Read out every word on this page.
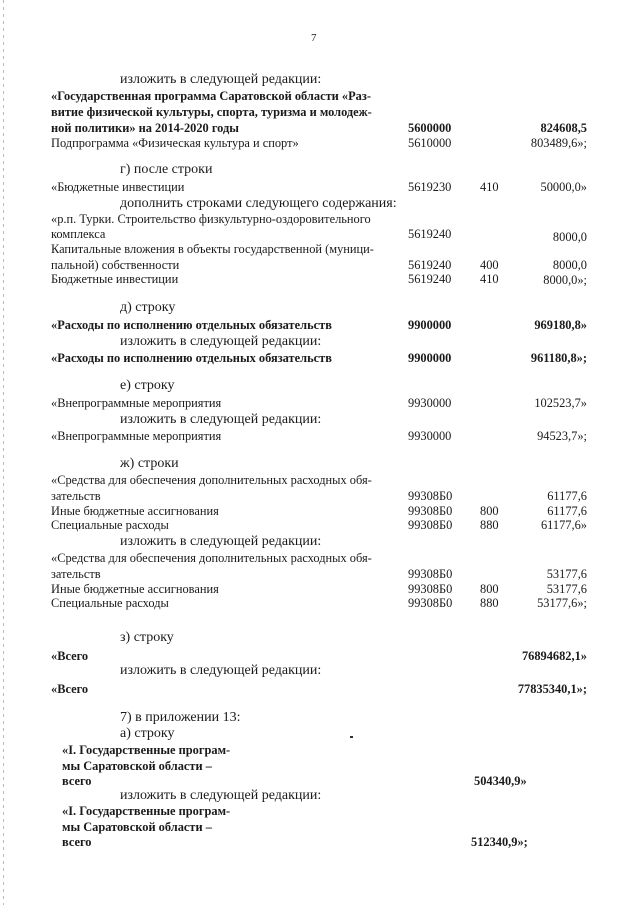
7
изложить в следующей редакции:
«Государственная программа Саратовской области «Раз-
витие физической культуры, спорта, туризма и молодеж-
ной политики» на 2014-2020 годы	5600000	824608,5
Подпрограмма «Физическая культура и спорт»	5610000	803489,6»;
г) после строки
«Бюджетные инвестиции	5619230 410	50000,0»
дополнить строками следующего содержания:
«р.п. Турки. Строительство физкультурно-оздоровительного
комплекса	5619240	8000,0
Капитальные вложения в объекты государственной (муници-
пальной) собственности	5619240 400	8000,0
Бюджетные инвестиции	5619240 410	8000,0»;
д) строку
«Расходы по исполнению отдельных обязательств	9900000	969180,8»
изложить в следующей редакции:
«Расходы по исполнению отдельных обязательств	9900000	961180,8»;
е) строку
«Внепрограммные мероприятия	9930000	102523,7»
изложить в следующей редакции:
«Внепрограммные мероприятия	9930000	94523,7»;
ж) строки
«Средства для обеспечения дополнительных расходных обя-
зательств	99308Б0	61177,6
Иные бюджетные ассигнования	99308Б0 800	61177,6
Специальные расходы	99308Б0 880	61177,6»
изложить в следующей редакции:
«Средства для обеспечения дополнительных расходных обя-
зательств	99308Б0	53177,6
Иные бюджетные ассигнования	99308Б0 800	53177,6
Специальные расходы	99308Б0 880	53177,6»;
з) строку
«Всего	76894682,1»
изложить в следующей редакции:
«Всего	77835340,1»;
7) в приложении 13:
а) строку
«I. Государственные програм-
мы Саратовской области –
всего	504340,9»
изложить в следующей редакции:
«I. Государственные програм-
мы Саратовской области –
всего	512340,9»;
